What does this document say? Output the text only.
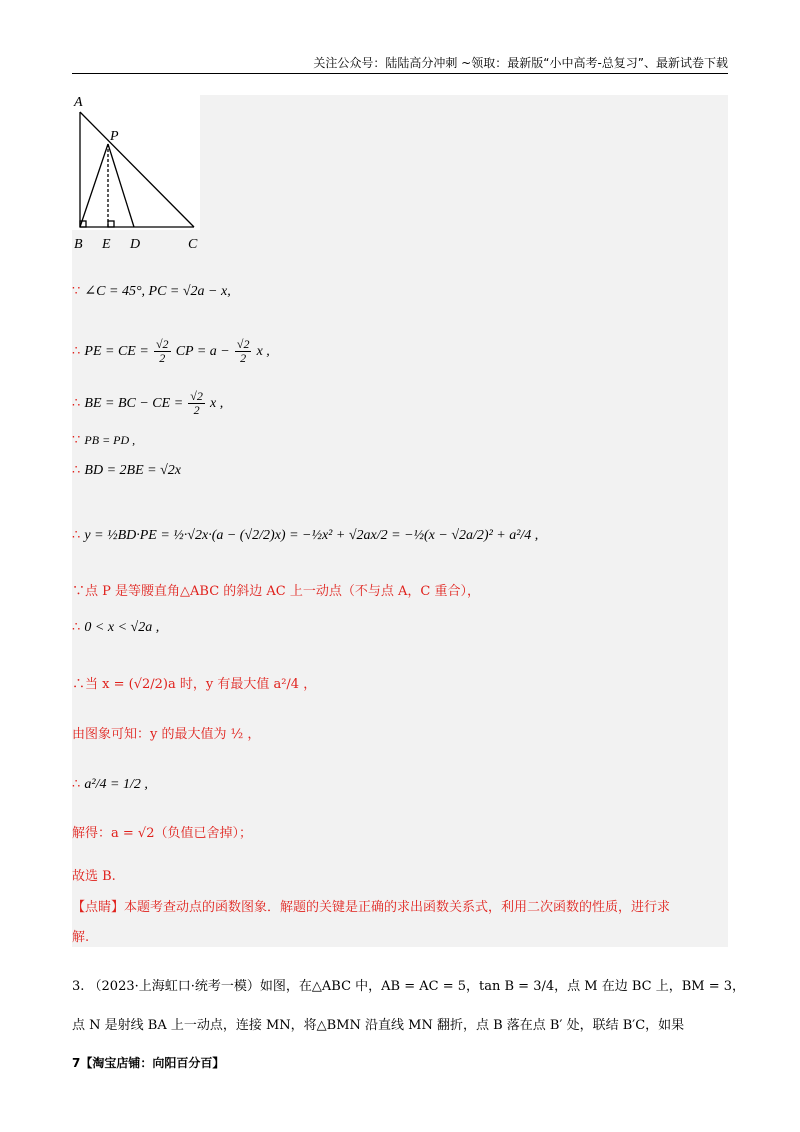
关注公众号：陆陆高分冲刺 ~领取：最新版“小中高考-总复习”、最新试卷下载
A
P
B E D	C
∵ ∠C = 45°, PC = √2a − x,
∴ PE = CE = $\frac{√2}{2}$ CP = $a - \frac{√2}{2}$ x ,
∴ BE = BC − CE = $\frac{√2}{2}$ x ,
∵ PB = PD ,
∴ BD = 2BE = √2x
∴ y = ½BD·PE = ½·√2x·(a − (√2/2)x) = −½x² + √2ax/2 = −½(x − √2a/2)² + a²/4 ,
∵点 P 是等腰直角△ABC 的斜边 AC 上一动点（不与点 A，C 重合），
∴ 0 < x < √2a ,
∴当 x = (√2/2)a 时，y 有最大值 a²/4 ，
由图象可知：y 的最大值为 ½ ，
∴ a²/4 = 1/2 ,
解得：a = √2（负值已舍掉）；
故选 B.
【点睛】本题考查动点的函数图象．解题的关键是正确的求出函数关系式，利用二次函数的性质，进行求
解.
3. （2023·上海虹口·统考一模）如图，在△ABC 中，AB = AC = 5，tan B = 3/4，点 M 在边 BC 上，BM = 3，
点 N 是射线 BA 上一动点，连接 MN，将△BMN 沿直线 MN 翻折，点 B 落在点 B′ 处，联结 B′C，如果
7【淘宝店铺：向阳百分百】
